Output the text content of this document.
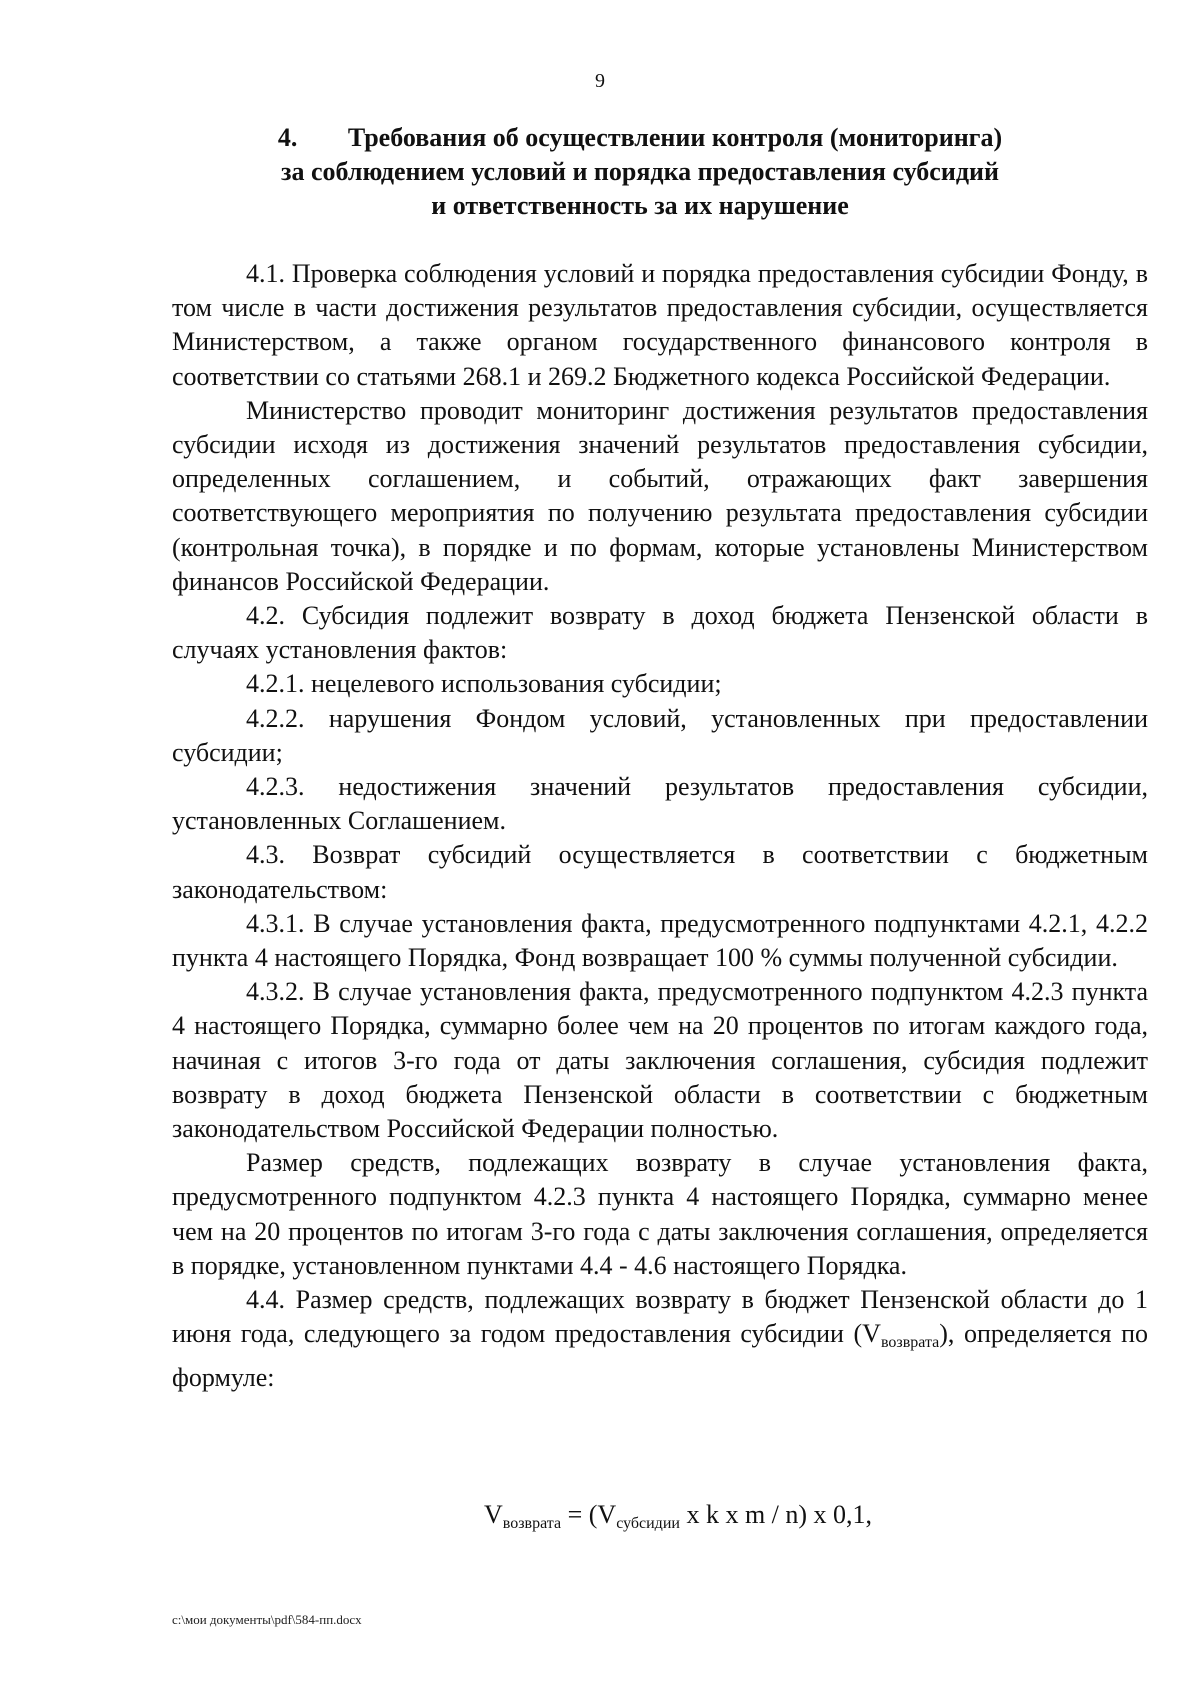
9
4. Требования об осуществлении контроля (мониторинга)
за соблюдением условий и порядка предоставления субсидий
и ответственность за их нарушение

4.1. Проверка соблюдения условий и порядка предоставления субсидии Фонду, в том числе в части достижения результатов предоставления субсидии, осуществляется Министерством, а также органом государственного финансового контроля в соответствии со статьями 268.1 и 269.2 Бюджетного кодекса Российской Федерации.

Министерство проводит мониторинг достижения результатов предоставления субсидии исходя из достижения значений результатов предоставления субсидии, определенных соглашением, и событий, отражающих факт завершения соответствующего мероприятия по получению результата предоставления субсидии (контрольная точка), в порядке и по формам, которые установлены Министерством финансов Российской Федерации.

4.2. Субсидия подлежит возврату в доход бюджета Пензенской области в случаях установления фактов:

4.2.1. нецелевого использования субсидии;

4.2.2. нарушения Фондом условий, установленных при предоставлении субсидии;

4.2.3. недостижения значений результатов предоставления субсидии, установленных Соглашением.

4.3. Возврат субсидий осуществляется в соответствии с бюджетным законодательством:

4.3.1. В случае установления факта, предусмотренного подпунктами 4.2.1, 4.2.2 пункта 4 настоящего Порядка, Фонд возвращает 100 % суммы полученной субсидии.

4.3.2. В случае установления факта, предусмотренного подпунктом 4.2.3 пункта 4 настоящего Порядка, суммарно более чем на 20 процентов по итогам каждого года, начиная с итогов 3-го года от даты заключения соглашения, субсидия подлежит возврату в доход бюджета Пензенской области в соответствии с бюджетным законодательством Российской Федерации полностью.

Размер средств, подлежащих возврату в случае установления факта, предусмотренного подпунктом 4.2.3 пункта 4 настоящего Порядка, суммарно менее чем на 20 процентов по итогам 3-го года с даты заключения соглашения, определяется в порядке, установленном пунктами 4.4 - 4.6 настоящего Порядка.

4.4. Размер средств, подлежащих возврату в бюджет Пензенской области до 1 июня года, следующего за годом предоставления субсидии $(V_{возврата})$, определяется по формуле:

$V_{возврата} = (V_{субсидии}$ x k x m / n) x 0,1,
c:\мои документы\pdf\584-пп.docx
